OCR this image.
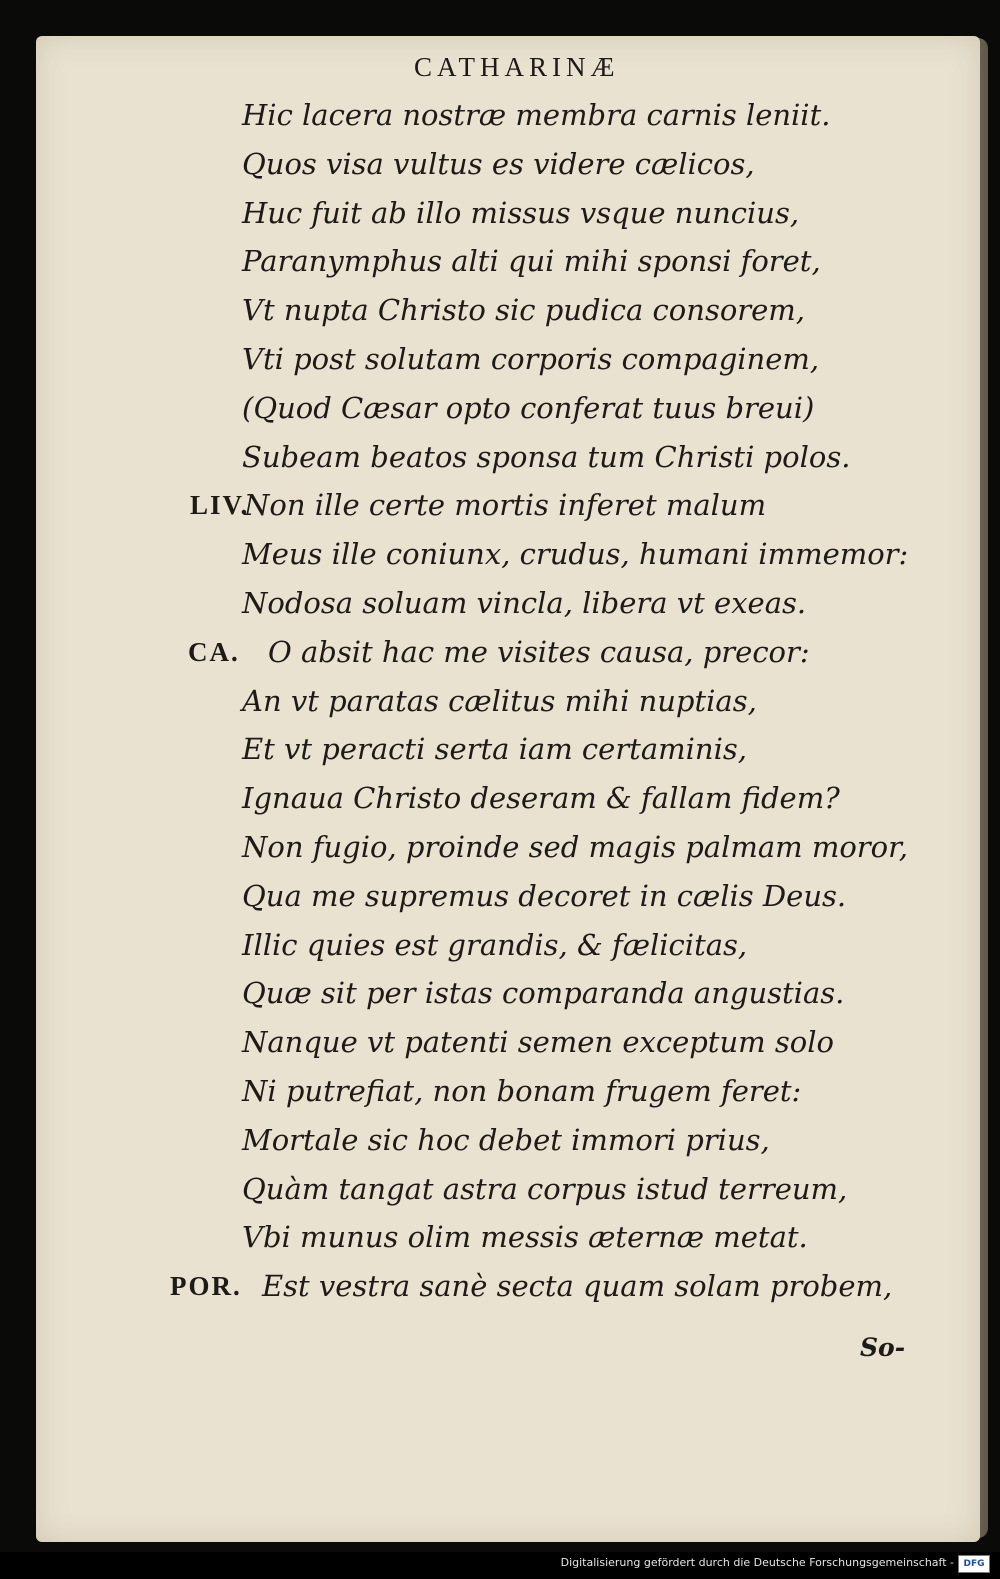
CATHARINÆ
Hic lacera nostræ membra carnis leniit.
Quos visa vultus es videre cælicos,
Huc fuit ab illo missus vsque nuncius,
Paranymphus alti qui mihi sponsi foret,
Vt nupta Christo sic pudica consorem,
Vti post solutam corporis compaginem,
(Quod Cæsar opto conferat tuus breui)
Subeam beatos sponsa tum Christi polos.
LIV.
Non ille certe mortis inferet malum
Meus ille coniunx, crudus, humani immemor:
Nodosa soluam vincla, libera vt exeas.
CA. O absit hac me visites causa, precor:
An vt paratas cælitus mihi nuptias,
Et vt peracti serta iam certaminis,
Ignaua Christo deseram & fallam fidem?
Non fugio, proinde sed magis palmam moror,
Qua me supremus decoret in cælis Deus.
Illic quies est grandis, & fælicitas,
Quæ sit per istas comparanda angustias.
Nanque vt patenti semen exceptum solo
Ni putrefiat, non bonam frugem feret:
Mortale sic hoc debet immori prius,
Quàm tangat astra corpus istud terreum,
Vbi munus olim messis æternæ metat.
POR. Est vestra sanè secta quam solam probem,
So-
Digitalisierung gefördert durch die Deutsche Forschungsgemeinschaft -	DFG
